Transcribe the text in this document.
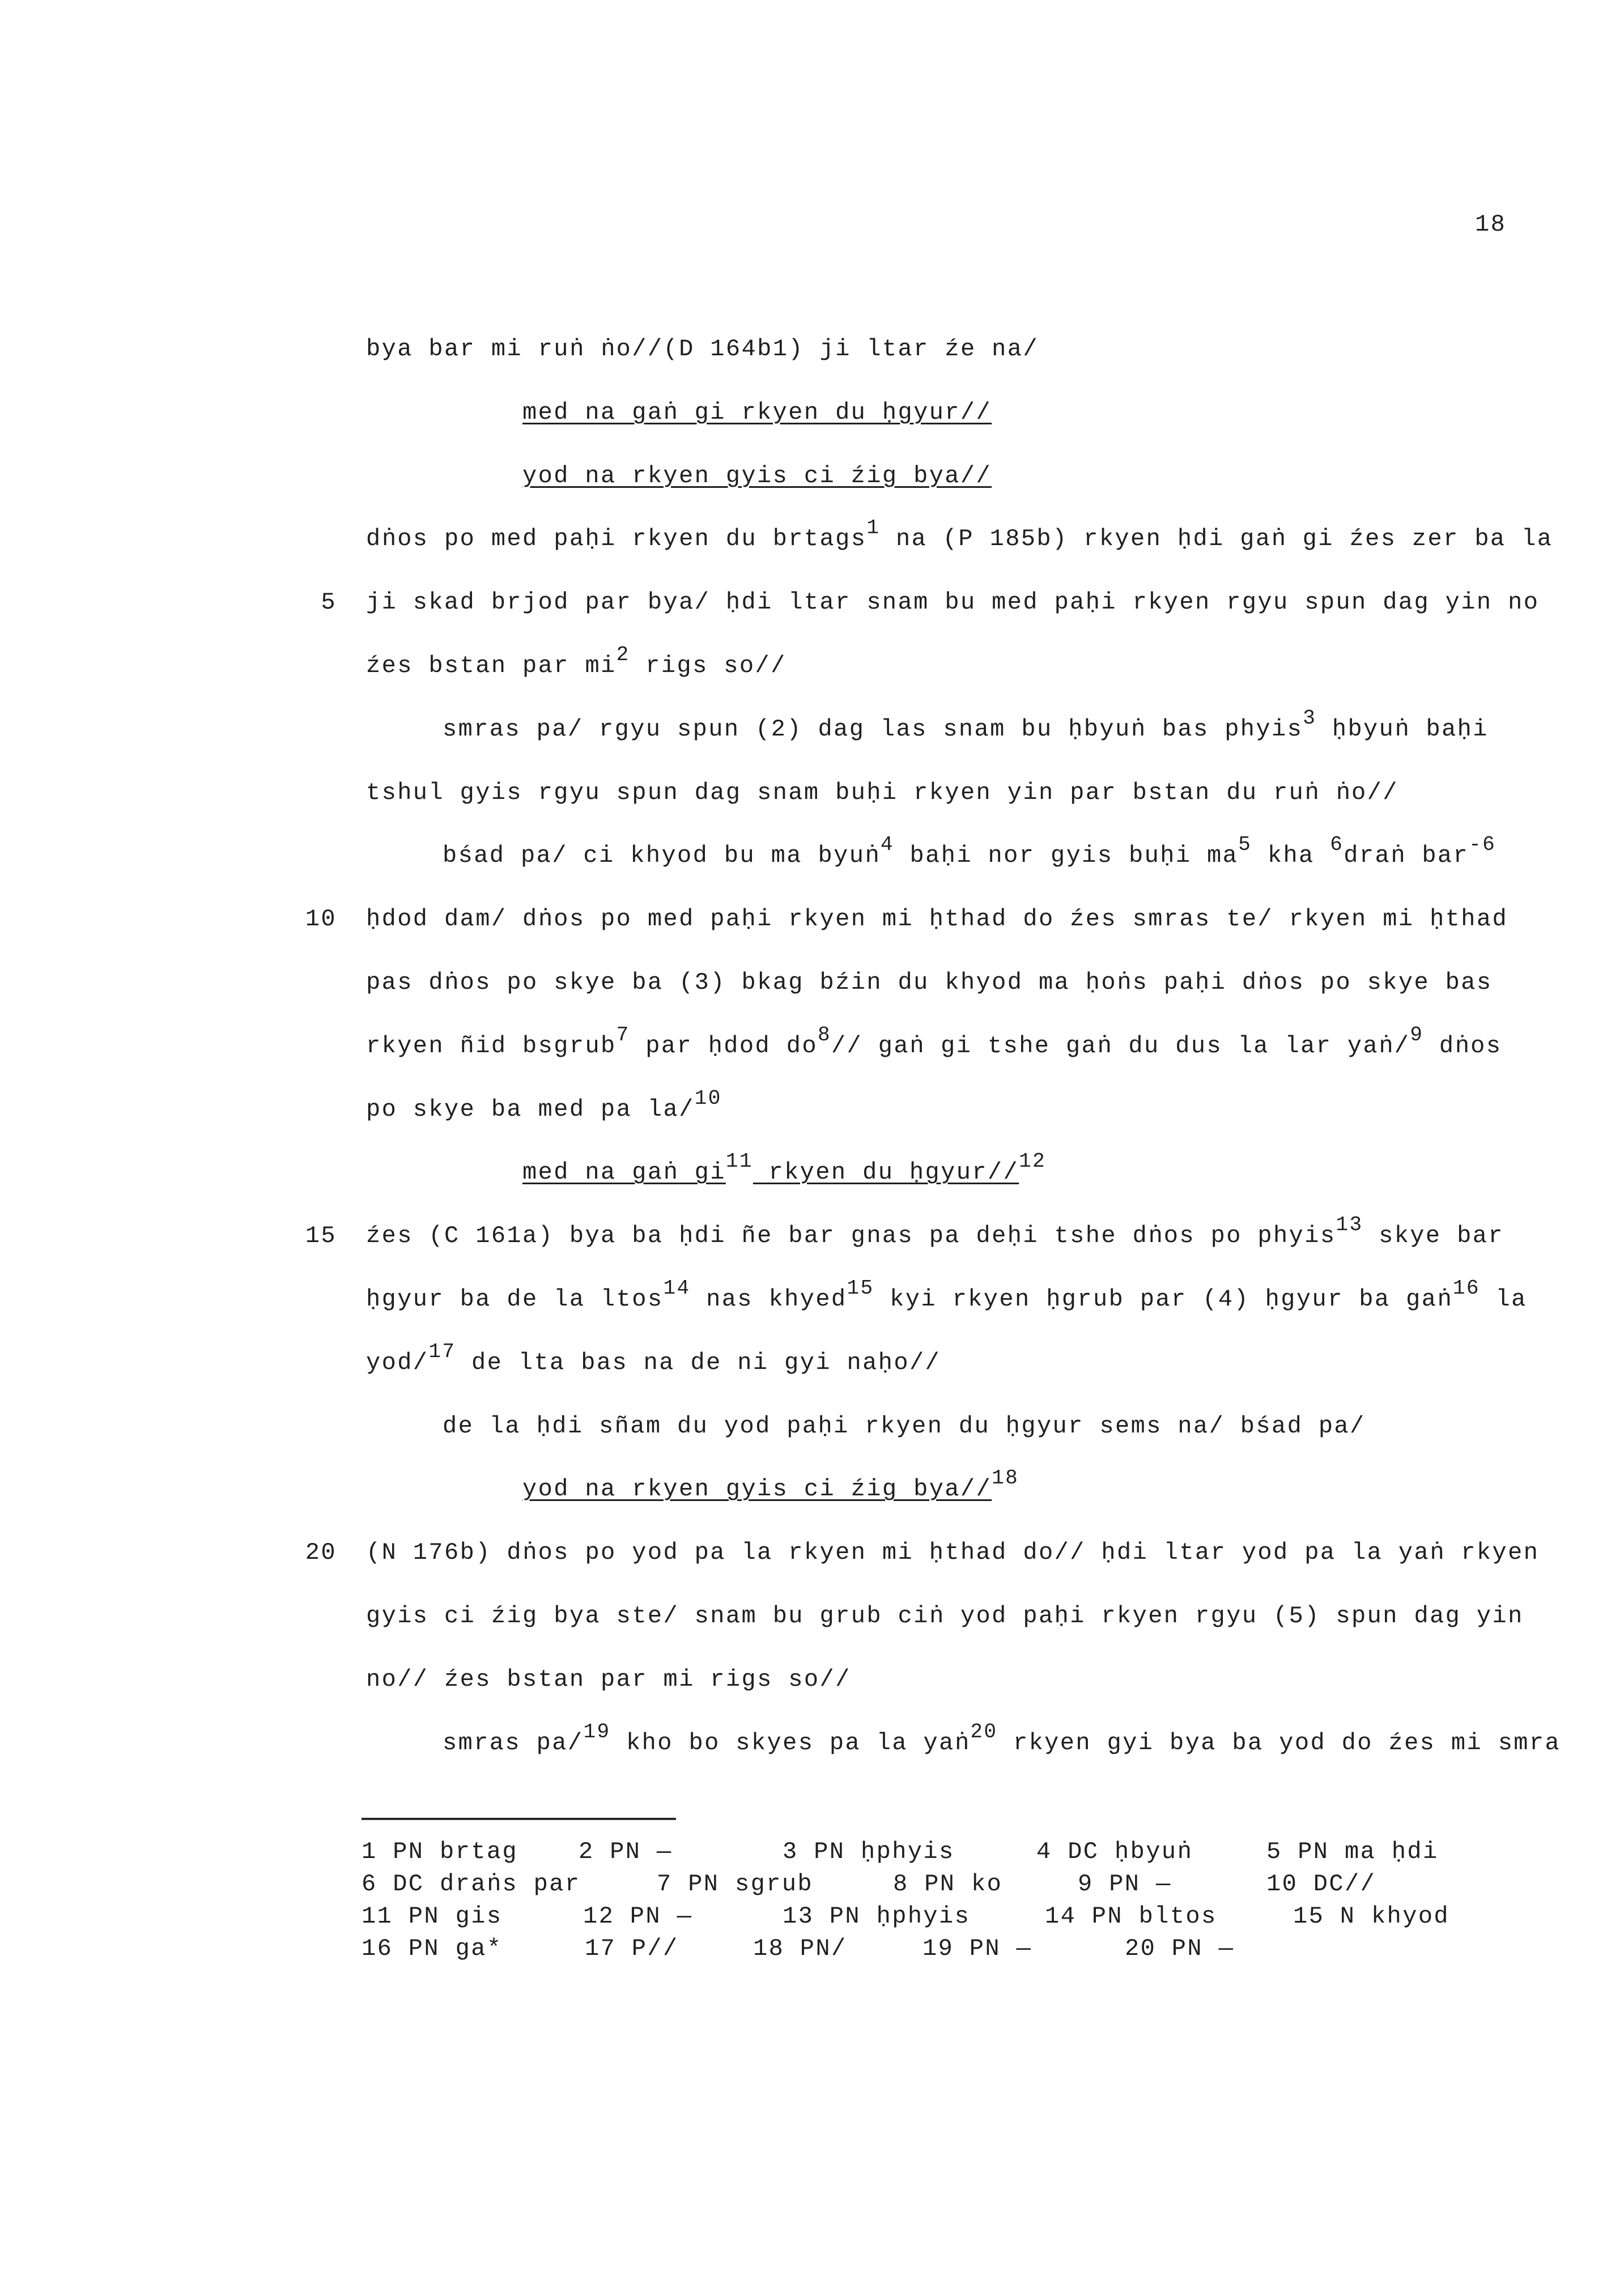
18
bya bar mi ruṅ ṅo//(D 164b1) ji ltar źe na/
med na gaṅ gi rkyen du ḥgyur//
yod na rkyen gyis ci źig bya//
dṅos po med paḥi rkyen du brtags1 na (P 185b) rkyen ḥdi gaṅ gi źes zer ba la
5 ji skad brjod par bya/ ḥdi ltar snam bu med paḥi rkyen rgyu spun dag yin no
źes bstan par mi2 rigs so//
smras pa/ rgyu spun (2) dag las snam bu ḥbyuṅ bas phyis3 ḥbyuṅ baḥi
tshul gyis rgyu spun dag snam buḥi rkyen yin par bstan du ruṅ ṅo//
bśad pa/ ci khyod bu ma byuṅ4 baḥi nor gyis buḥi ma5 kha 6draṅ bar-6
10 ḥdod dam/ dṅos po med paḥi rkyen mi ḥthad do źes smras te/ rkyen mi ḥthad
pas dṅos po skye ba (3) bkag bźin du khyod ma ḥoṅs paḥi dṅos po skye bas
rkyen ñid bsgrub7 par ḥdod do8// gaṅ gi tshe gaṅ du dus la lar yaṅ/9 dṅos
po skye ba med pa la/10
med na gaṅ gi11 rkyen du ḥgyur//12
15 źes (C 161a) bya ba ḥdi ñe bar gnas pa deḥi tshe dṅos po phyis13 skye bar
ḥgyur ba de la ltos14 nas khyed15 kyi rkyen ḥgrub par (4) ḥgyur ba gaṅ16 la
yod/17 de lta bas na de ni gyi naḥo//
de la ḥdi sñam du yod paḥi rkyen du ḥgyur sems na/ bśad pa/
yod na rkyen gyis ci źig bya//18
20 (N 176b) dṅos po yod pa la rkyen mi ḥthad do// ḥdi ltar yod pa la yaṅ rkyen
gyis ci źig bya ste/ snam bu grub ciṅ yod paḥi rkyen rgyu (5) spun dag yin
no// źes bstan par mi rigs so//
smras pa/19 kho bo skyes pa la yaṅ20 rkyen gyi bya ba yod do źes mi smra
1 PN brtag	2 PN —	3 PN ḥphyis	4 DC ḥbyuṅ	5 PN ma ḥdi
6 DC draṅs par	7 PN sgrub	8 PN ko	9 PN —	10 DC//
11 PN gis	12 PN —	13 PN ḥphyis	14 PN bltos	15 N khyod
16 PN ga*	17 P//	18 PN/	19 PN —	20 PN —
